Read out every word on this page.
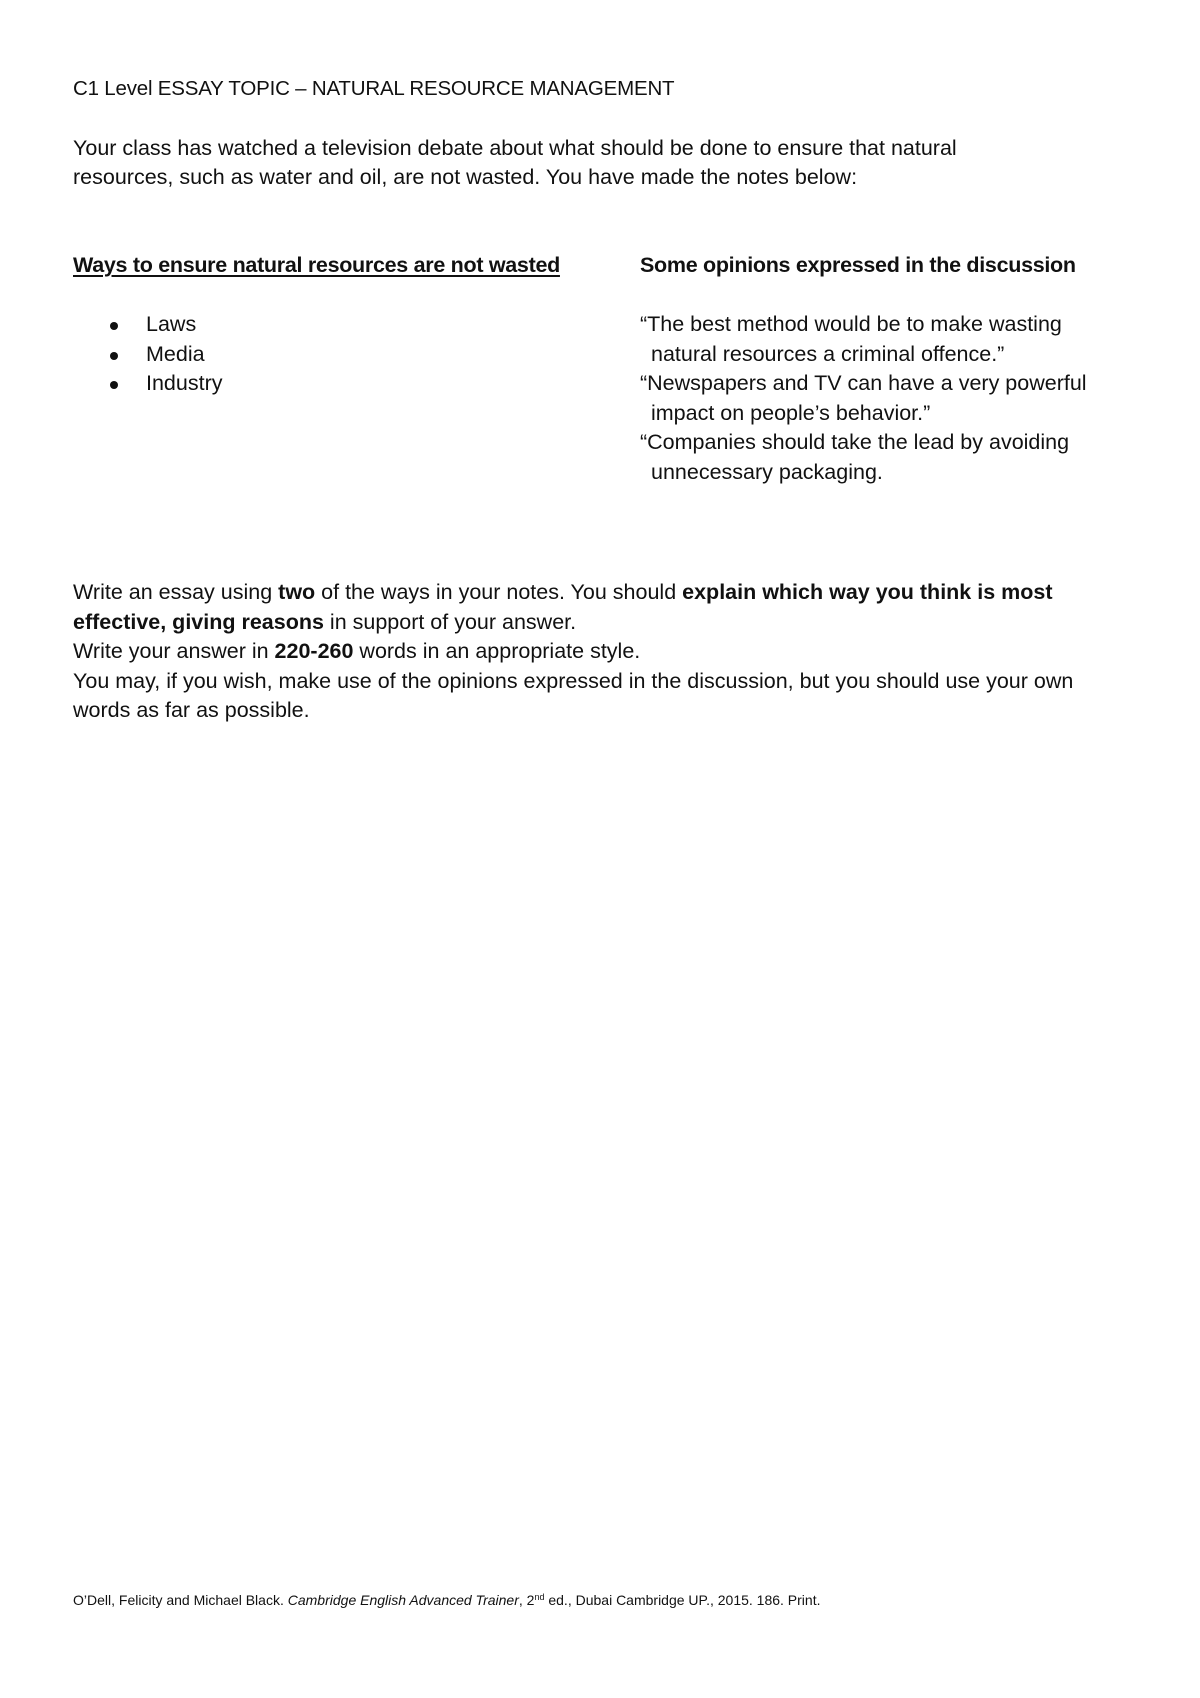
C1 Level ESSAY TOPIC – NATURAL RESOURCE MANAGEMENT
Your class has watched a television debate about what should be done to ensure that natural
resources, such as water and oil, are not wasted. You have made the notes below:
Ways to ensure natural resources are not wasted	Some opinions expressed in the discussion
Laws
Media
Industry
“The best method would be to make wasting
natural resources a criminal offence.”
“Newspapers and TV can have a very powerful
impact on people’s behavior.”
“Companies should take the lead by avoiding
unnecessary packaging.

Write an essay using two of the ways in your notes. You should explain which way you think is most

effective, giving reasons in support of your answer.

Write your answer in 220-260 words in an appropriate style.

You may, if you wish, make use of the opinions expressed in the discussion, but you should use your own

words as far as possible.

O’Dell, Felicity and Michael Black. Cambridge English Advanced Trainer, 2nd ed., Dubai Cambridge UP., 2015. 186. Print.
